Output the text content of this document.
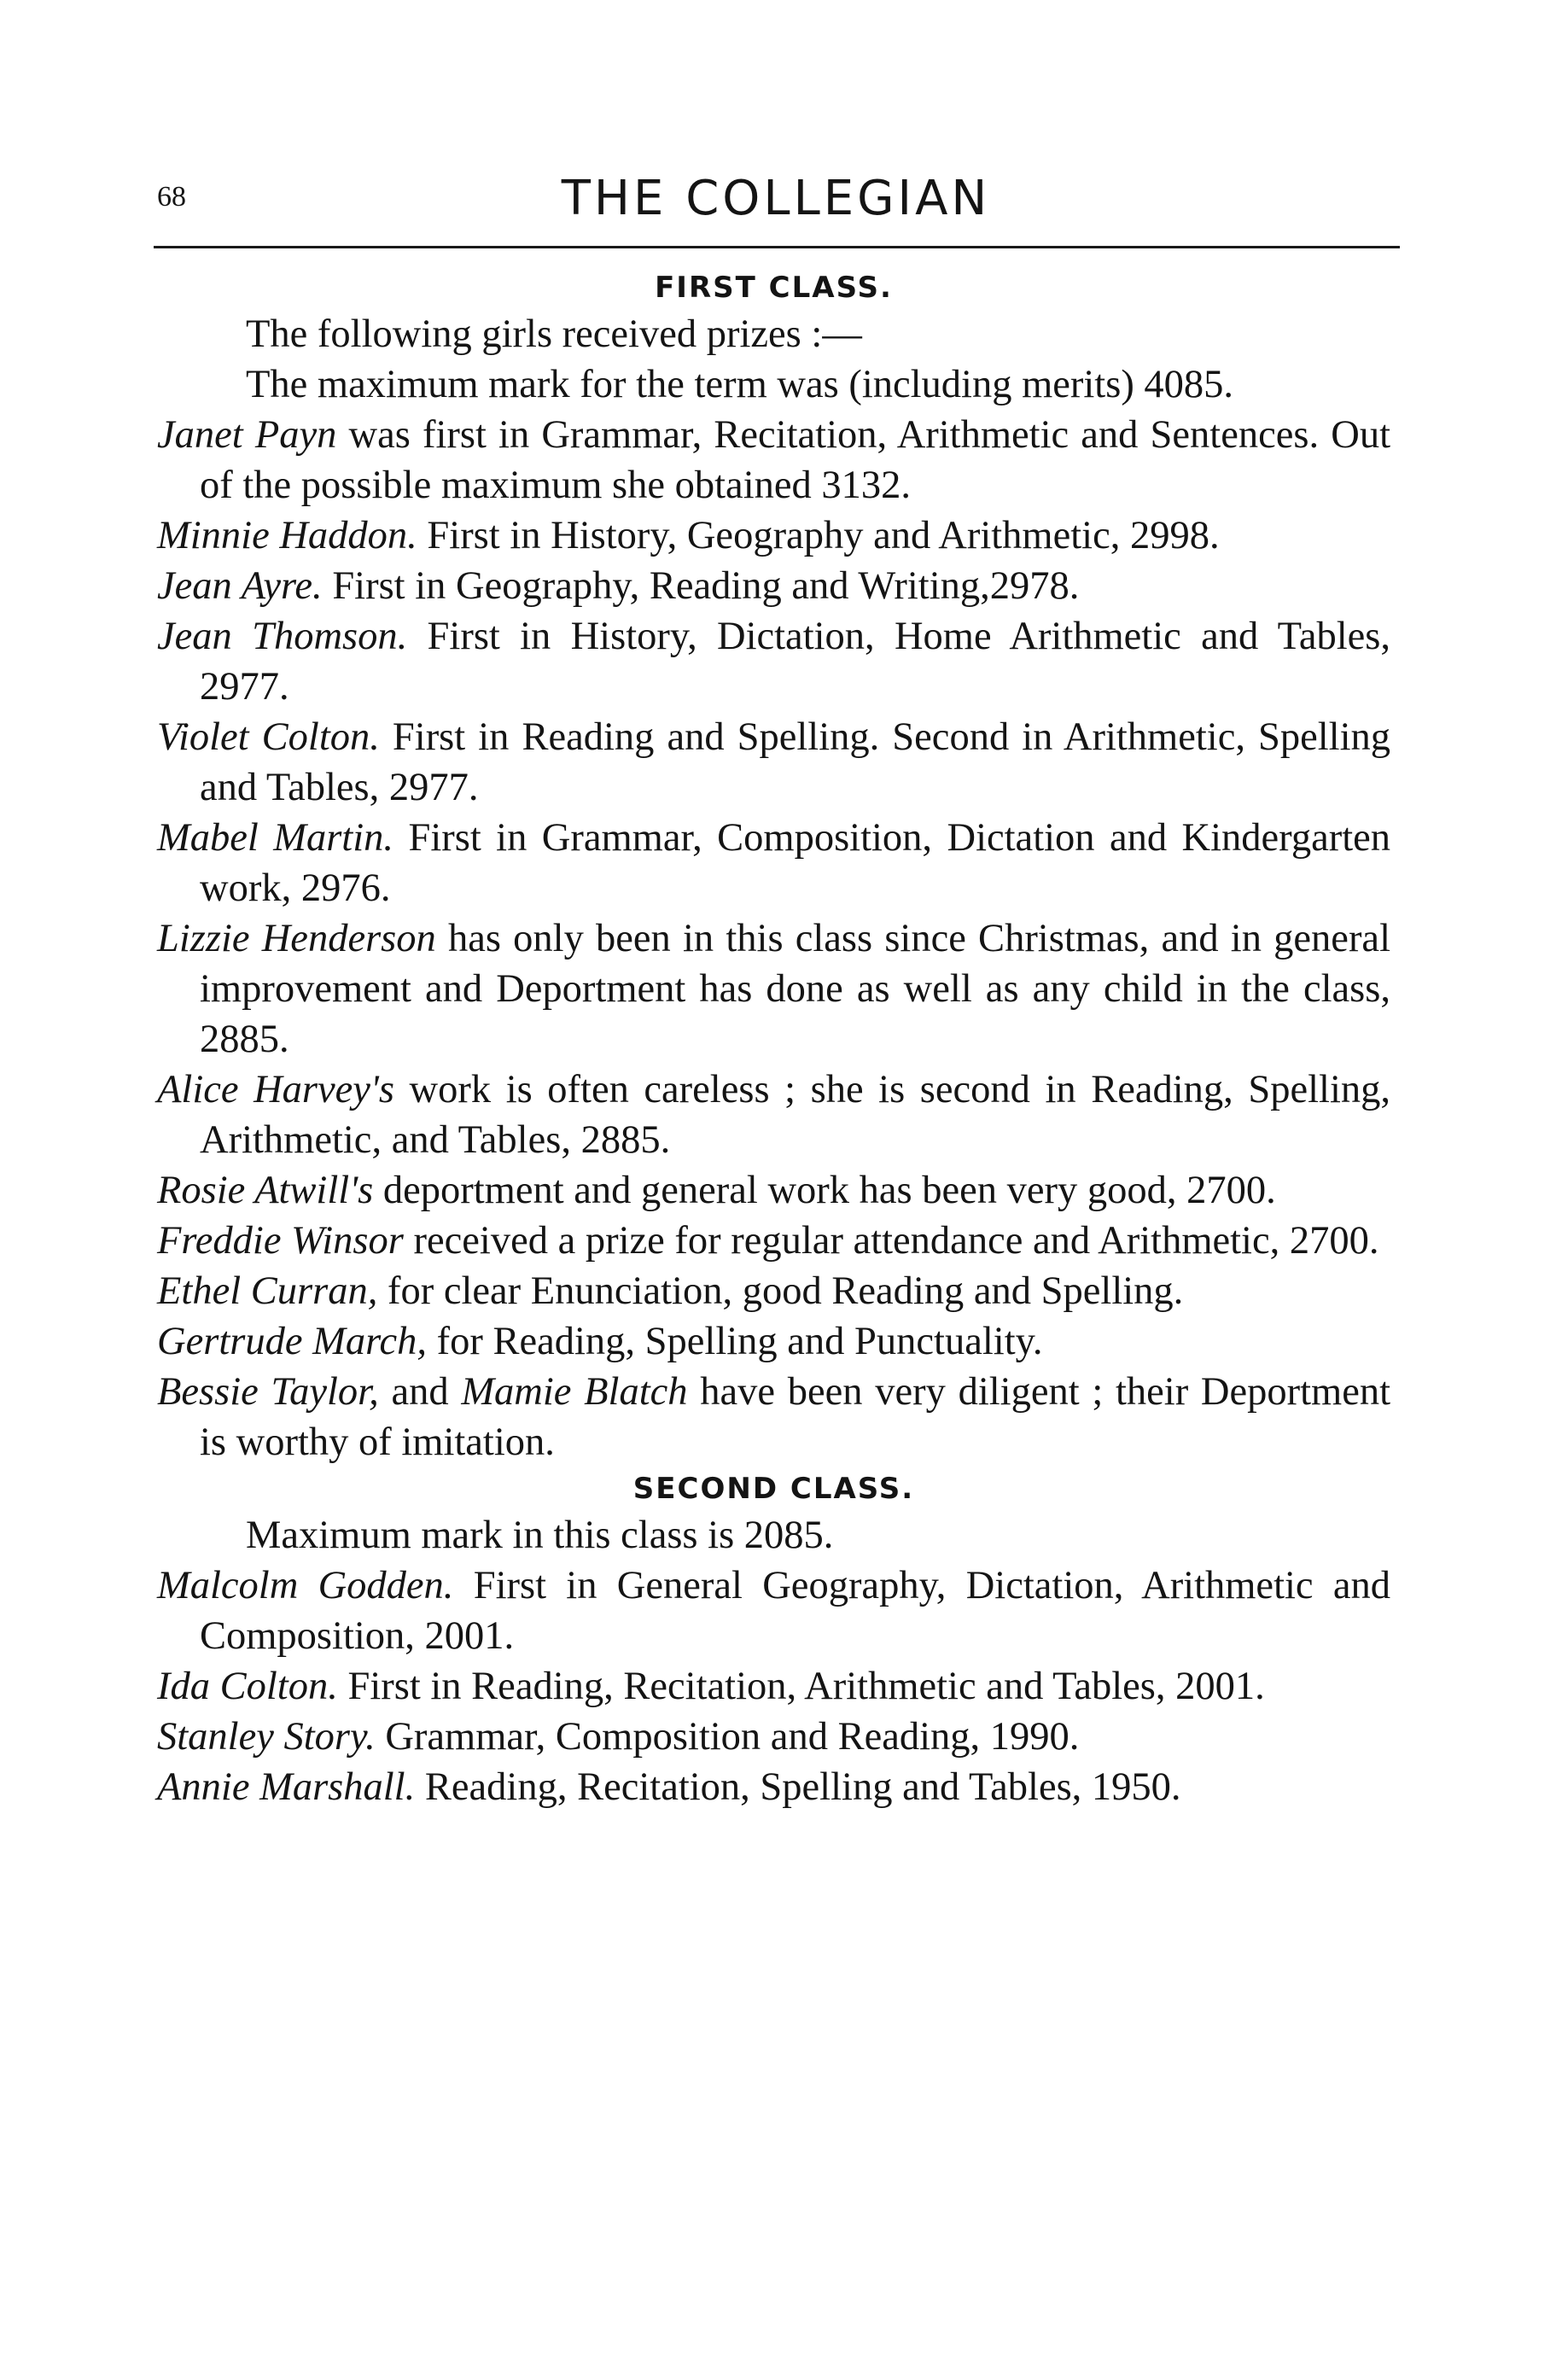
68	THE COLLEGIAN
FIRST CLASS.
The following girls received prizes :—
The maximum mark for the term was (including merits) 4085.
Janet Payn was first in Grammar, Recitation, Arithmetic and Sentences. Out of the possible maximum she obtained 3132.
Minnie Haddon. First in History, Geography and Arithmetic, 2998.
Jean Ayre. First in Geography, Reading and Writing,2978.
Jean Thomson. First in History, Dictation, Home Arithmetic and Tables, 2977.
Violet Colton. First in Reading and Spelling. Second in Arithmetic, Spelling and Tables, 2977.
Mabel Martin. First in Grammar, Composition, Dictation and Kindergarten work, 2976.
Lizzie Henderson has only been in this class since Christmas, and in general improvement and Deportment has done as well as any child in the class, 2885.
Alice Harvey's work is often careless ; she is second in Reading, Spelling, Arithmetic, and Tables, 2885.
Rosie Atwill's deportment and general work has been very good, 2700.
Freddie Winsor received a prize for regular attendance and Arithmetic, 2700.
Ethel Curran, for clear Enunciation, good Reading and Spelling.
Gertrude March, for Reading, Spelling and Punctuality.
Bessie Taylor, and Mamie Blatch have been very diligent ; their Deportment is worthy of imitation.
SECOND CLASS.
Maximum mark in this class is 2085.
Malcolm Godden. First in General Geography, Dictation, Arithmetic and Composition, 2001.
Ida Colton. First in Reading, Recitation, Arithmetic and Tables, 2001.
Stanley Story. Grammar, Composition and Reading, 1990.
Annie Marshall. Reading, Recitation, Spelling and Tables, 1950.
